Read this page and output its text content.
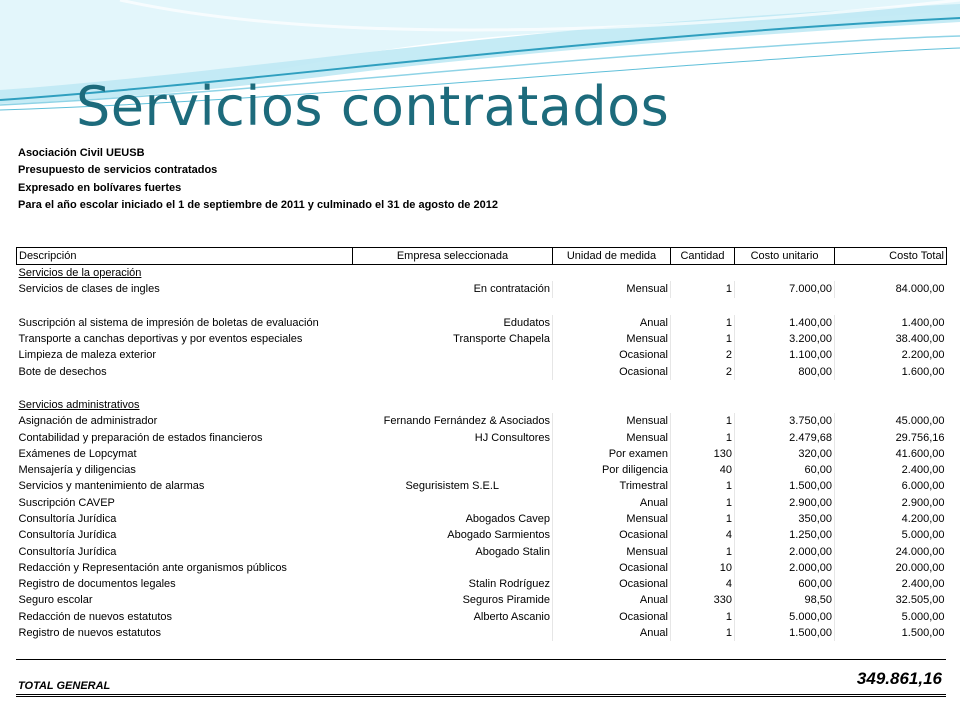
Servicios contratados
Asociación Civil UEUSB
Presupuesto de servicios contratados
Expresado en bolívares fuertes
Para el año escolar iniciado el 1 de septiembre de 2011 y culminado el 31 de agosto de 2012
Descripción	Empresa seleccionada	Unidad de medida	Cantidad	Costo unitario	Costo Total
Servicios de la operación					
Servicios de clases de ingles	En contratación	Mensual	1	7.000,00	84.000,00

Suscripción al sistema de impresión de boletas de evaluación	Edudatos	Anual	1	1.400,00	1.400,00
Transporte a canchas deportivas y por eventos especiales	Transporte Chapela	Mensual	1	3.200,00	38.400,00
Limpieza de maleza exterior		Ocasional	2	1.100,00	2.200,00
Bote de desechos		Ocasional	2	800,00	1.600,00

Servicios administrativos					
Asignación de administrador	Fernando Fernández & Asociados	Mensual	1	3.750,00	45.000,00
Contabilidad y preparación de estados financieros	HJ Consultores	Mensual	1	2.479,68	29.756,16
Exámenes de Lopcymat		Por examen	130	320,00	41.600,00
Mensajería y diligencias		Por diligencia	40	60,00	2.400,00
Servicios y mantenimiento de alarmas	Segurisistem S.E.L	Trimestral	1	1.500,00	6.000,00
Suscripción CAVEP		Anual	1	2.900,00	2.900,00
Consultoría Jurídica	Abogados Cavep	Mensual	1	350,00	4.200,00
Consultoría Jurídica	Abogado Sarmientos	Ocasional	4	1.250,00	5.000,00
Consultoría Jurídica	Abogado Stalin	Mensual	1	2.000,00	24.000,00
Redacción y Representación ante organismos públicos		Ocasional	10	2.000,00	20.000,00
Registro de documentos legales	Stalin Rodríguez	Ocasional	4	600,00	2.400,00
Seguro escolar	Seguros Piramide	Anual	330	98,50	32.505,00
Redacción de nuevos estatutos	Alberto Ascanio	Ocasional	1	5.000,00	5.000,00
Registro de nuevos estatutos		Anual	1	1.500,00	1.500,00
TOTAL GENERAL	349.861,16
